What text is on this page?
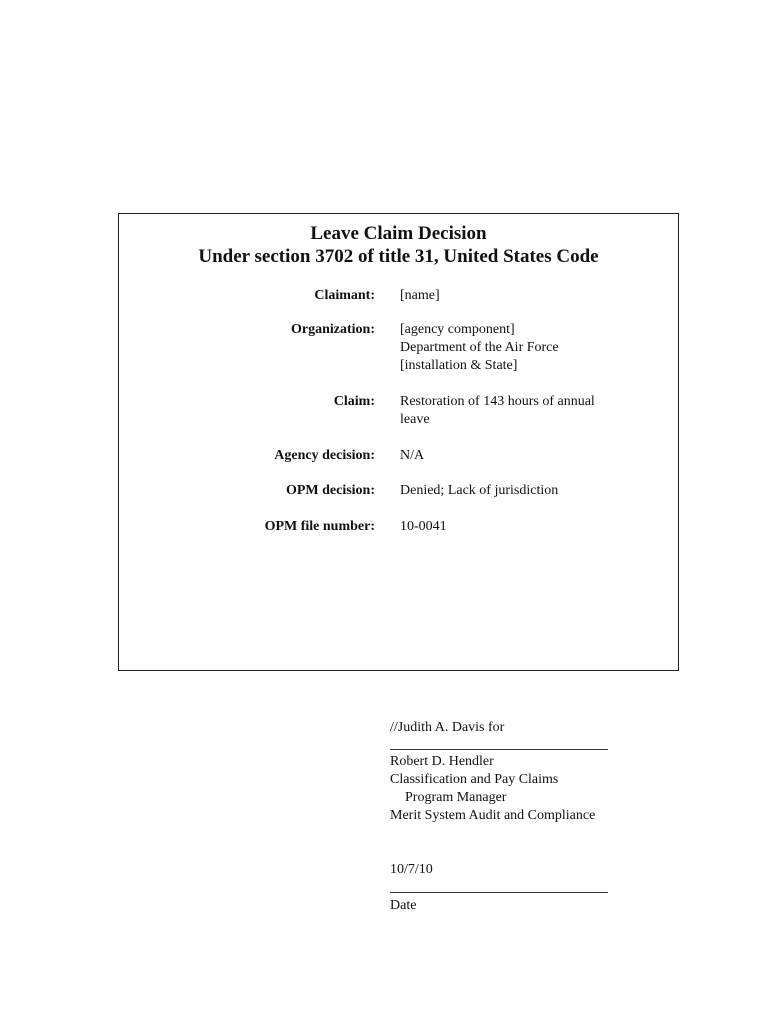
Leave Claim Decision

Under section 3702 of title 31, United States Code

Claimant: [name]
Organization: [agency component]
Department of the Air Force
[installation & State]
Claim: Restoration of 143 hours of annual
leave
Agency decision: N/A
OPM decision: Denied; Lack of jurisdiction
OPM file number: 10-0041
//Judith A. Davis for
Robert D. Hendler
Classification and Pay Claims
Program Manager
Merit System Audit and Compliance
10/7/10
Date
